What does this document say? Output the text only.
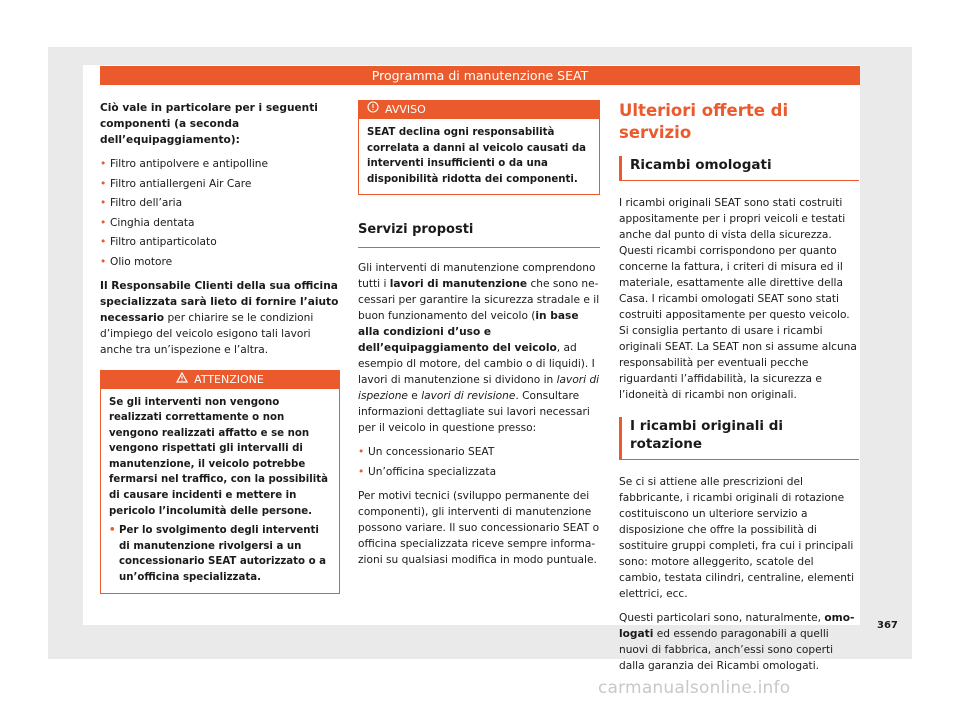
Programma di manutenzione SEAT

Ciò vale in particolare per i seguenti componenti (a seconda dell’equipaggiamento):

• Filtro antipolvere e antipolline
• Filtro antiallergeni Air Care
• Filtro dell’aria
• Cinghia dentata
• Filtro antiparticolato
• Olio motore

Il Responsabile Clienti della sua officina specializzata sarà lieto di fornire l’aiuto necessario per chiarire se le condizioni d’impiego del veicolo esigono tali lavori anche tra un’ispezione e l’altra.

ATTENZIONE

Se gli interventi non vengono realizzati correttamente o non vengono realizzati affatto e se non vengono rispettati gli intervalli di manutenzione, il veicolo potrebbe fermarsi nel traffico, con la possibilità di causare incidenti e mettere in pericolo l’incolumità delle persone.

• Per lo svolgimento degli interventi di manutenzione rivolgersi a un concessionario SEAT autorizzato o a un’officina specializzata.
AVVISO
SEAT declina ogni responsabilità correlata a danni al veicolo causati da interventi insufficienti o da una disponibilità ridotta dei componenti.
Servizi proposti

Gli interventi di manutenzione comprendono tutti i lavori di manutenzione che sono necessari per garantire la sicurezza stradale e il buon funzionamento del veicolo (in base alla condizioni d’uso e dell’equipaggiamento del veicolo, ad esempio dl motore, del cambio o di liquidi). I lavori di manutenzione si dividono in lavori di ispezione e lavori di revisione. Consultare informazioni dettagliate sui lavori necessari per il veicolo in questione presso:

• Un concessionario SEAT
• Un’officina specializzata

Per motivi tecnici (sviluppo permanente dei componenti), gli interventi di manutenzione possono variare. Il suo concessionario SEAT o officina specializzata riceve sempre informazioni su qualsiasi modifica in modo puntuale.

Ulteriori offerte di servizio
Ricambi omologati

I ricambi originali SEAT sono stati costruiti appositamente per i propri veicoli e testati anche dal punto di vista della sicurezza. Questi ricambi corrispondono per quanto concerne la fattura, i criteri di misura ed il materiale, esattamente alle direttive della Casa. I ricambi omologati SEAT sono stati costruiti appositamente per questo veicolo. Si consiglia pertanto di usare i ricambi originali SEAT. La SEAT non si assume alcuna responsabilità per eventuali pecche riguardanti l’affidabilità, la sicurezza e l’idoneità di ricambi non originali.

I ricambi originali di rotazione

Se ci si attiene alle prescrizioni del fabbricante, i ricambi originali di rotazione costituiscono un ulteriore servizio a disposizione che offre la possibilità di sostituire gruppi completi, fra cui i principali sono: motore alleggerito, scatole del cambio, testata cilindri, centraline, elementi elettrici, ecc.

Questi particolari sono, naturalmente, omologati ed essendo paragonabili a quelli nuovi di fabbrica, anch’essi sono coperti dalla garanzia dei Ricambi omologati.

367
carmanualsonline.info
